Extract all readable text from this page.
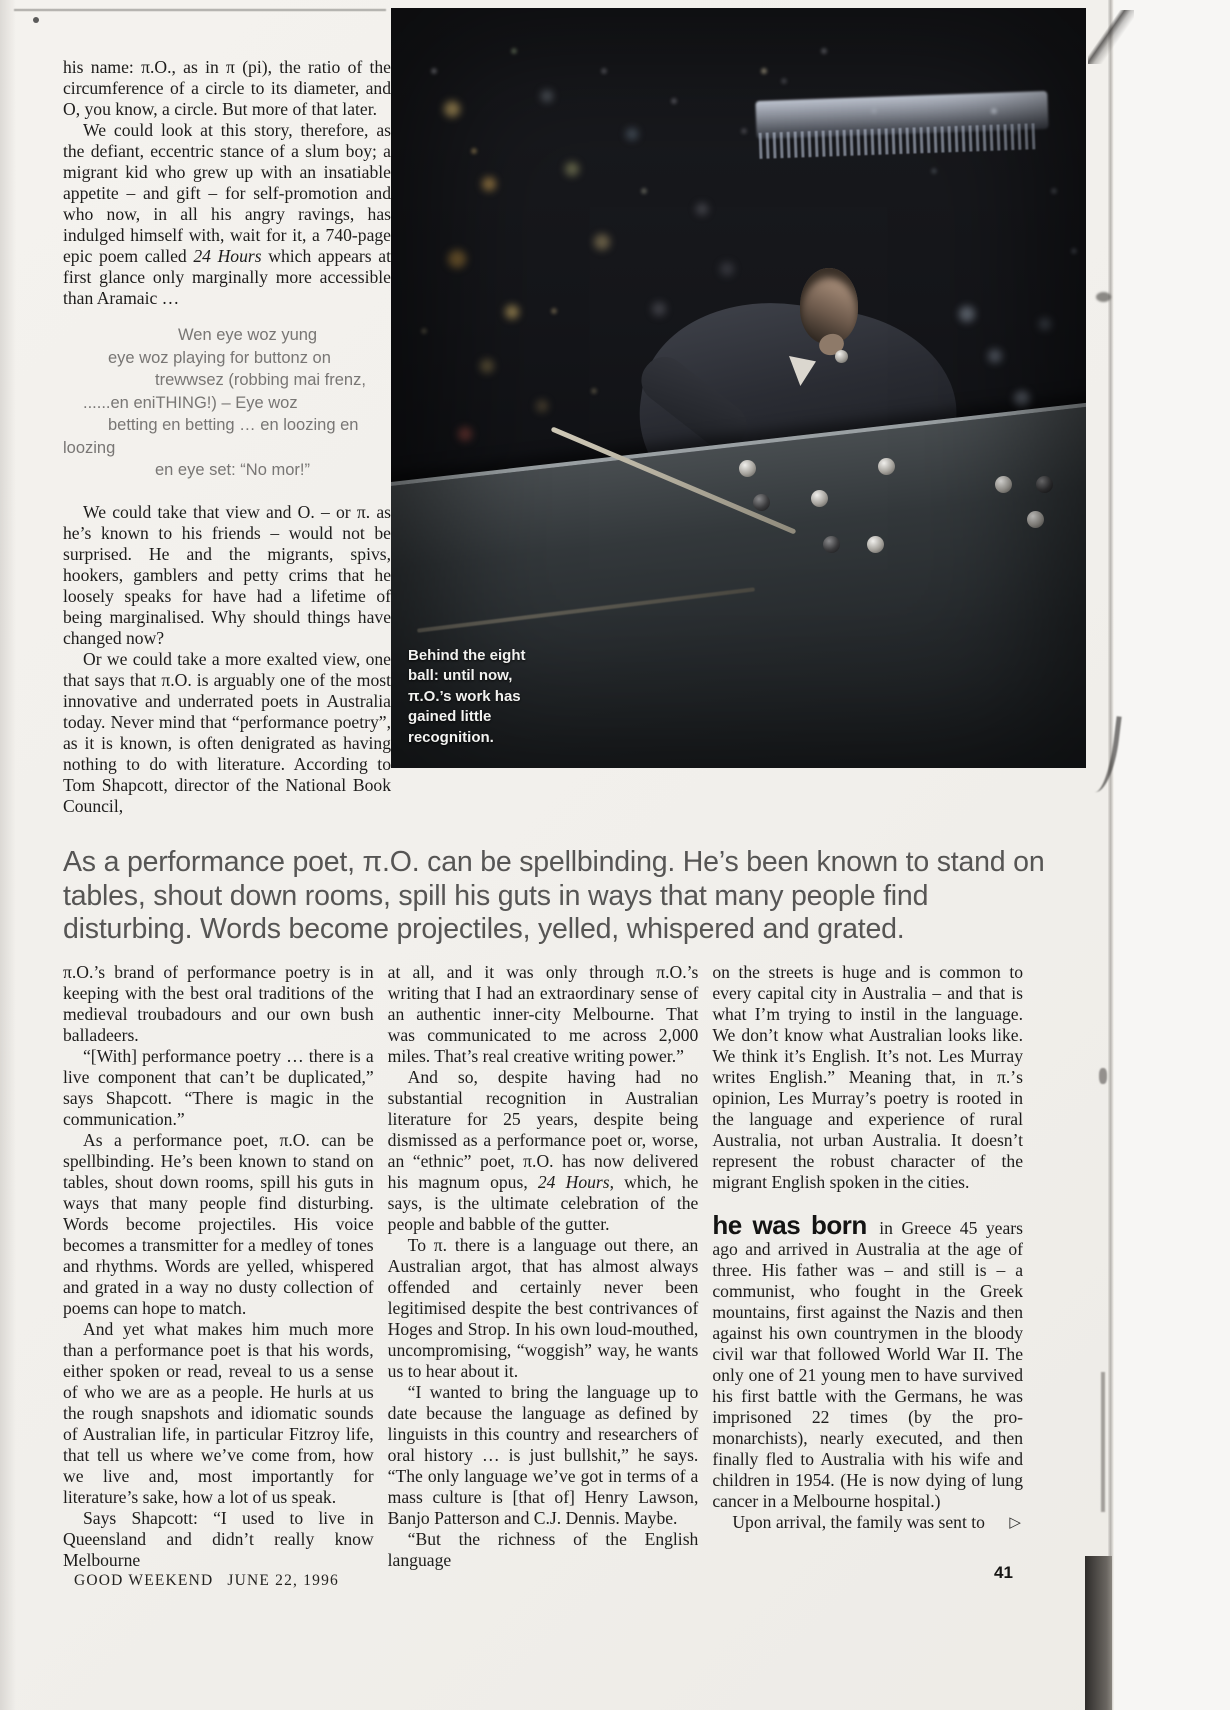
his name: π.O., as in π (pi), the ratio of the circumference of a circle to its diameter, and O, you know, a circle. But more of that later.

We could look at this story, therefore, as the defiant, eccentric stance of a slum boy; a migrant kid who grew up with an insatiable appetite – and gift – for self-promotion and who now, in all his angry ravings, has indulged himself with, wait for it, a 740-page epic poem called 24 Hours which appears at first glance only marginally more accessible than Aramaic …

Wen eye woz yung
eye woz playing for buttonz on
trewwsez (robbing mai frenz,
......en eniTHING!) – Eye woz
betting en betting … en loozing en
loozing
en eye set: “No mor!”

We could take that view and O. – or π. as he’s known to his friends – would not be surprised. He and the migrants, spivs, hookers, gamblers and petty crims that he loosely speaks for have had a lifetime of being marginalised. Why should things have changed now?

Or we could take a more exalted view, one that says that π.O. is arguably one of the most innovative and underrated poets in Australia today. Never mind that “performance poetry”, as it is known, is often denigrated as having nothing to do with literature. According to Tom Shapcott, director of the National Book Council,

Behind the eight ball: until now, π.O.’s work has gained little recognition.
As a performance poet, π.O. can be spellbinding. He’s been known to stand on tables, shout down rooms, spill his guts in ways that many people find disturbing. Words become projectiles, yelled, whispered and grated.

π.O.’s brand of performance poetry is in keeping with the best oral traditions of the medieval troubadours and our own bush balladeers.

“[With] performance poetry … there is a live component that can’t be duplicated,” says Shapcott. “There is magic in the communication.”

As a performance poet, π.O. can be spellbinding. He’s been known to stand on tables, shout down rooms, spill his guts in ways that many people find disturbing. Words become projectiles. His voice becomes a transmitter for a medley of tones and rhythms. Words are yelled, whispered and grated in a way no dusty collection of poems can hope to match.

And yet what makes him much more than a performance poet is that his words, either spoken or read, reveal to us a sense of who we are as a people. He hurls at us the rough snapshots and idiomatic sounds of Australian life, in particular Fitzroy life, that tell us where we’ve come from, how we live and, most importantly for literature’s sake, how a lot of us speak.

Says Shapcott: “I used to live in Queensland and didn’t really know Melbourne

at all, and it was only through π.O.’s writing that I had an extraordinary sense of an authentic inner-city Melbourne. That was communicated to me across 2,000 miles. That’s real creative writing power.”

And so, despite having had no substantial recognition in Australian literature for 25 years, despite being dismissed as a performance poet or, worse, an “ethnic” poet, π.O. has now delivered his magnum opus, 24 Hours, which, he says, is the ultimate celebration of the people and babble of the gutter.

To π. there is a language out there, an Australian argot, that has almost always offended and certainly never been legitimised despite the best contrivances of Hoges and Strop. In his own loud-mouthed, uncompromising, “woggish” way, he wants us to hear about it.

“I wanted to bring the language up to date because the language as defined by linguists in this country and researchers of oral history … is just bullshit,” he says. “The only language we’ve got in terms of a mass culture is [that of] Henry Lawson, Banjo Patterson and C.J. Dennis. Maybe.

“But the richness of the English language

on the streets is huge and is common to every capital city in Australia – and that is what I’m trying to instil in the language. We don’t know what Australian looks like. We think it’s English. It’s not. Les Murray writes English.” Meaning that, in π.’s opinion, Les Murray’s poetry is rooted in the language and experience of rural Australia, not urban Australia. It doesn’t represent the robust character of the migrant English spoken in the cities.

he was born in Greece 45 years ago and arrived in Australia at the age of three. His father was – and still is – a communist, who fought in the Greek mountains, first against the Nazis and then against his own countrymen in the bloody civil war that followed World War II. The only one of 21 young men to have survived his first battle with the Germans, he was imprisoned 22 times (by the pro-monarchists), nearly executed, and then finally fled to Australia with his wife and children in 1954. (He is now dying of lung cancer in a Melbourne hospital.)

Upon arrival, the family was sent to ▷

GOOD WEEKEND JUNE 22, 1996	41
